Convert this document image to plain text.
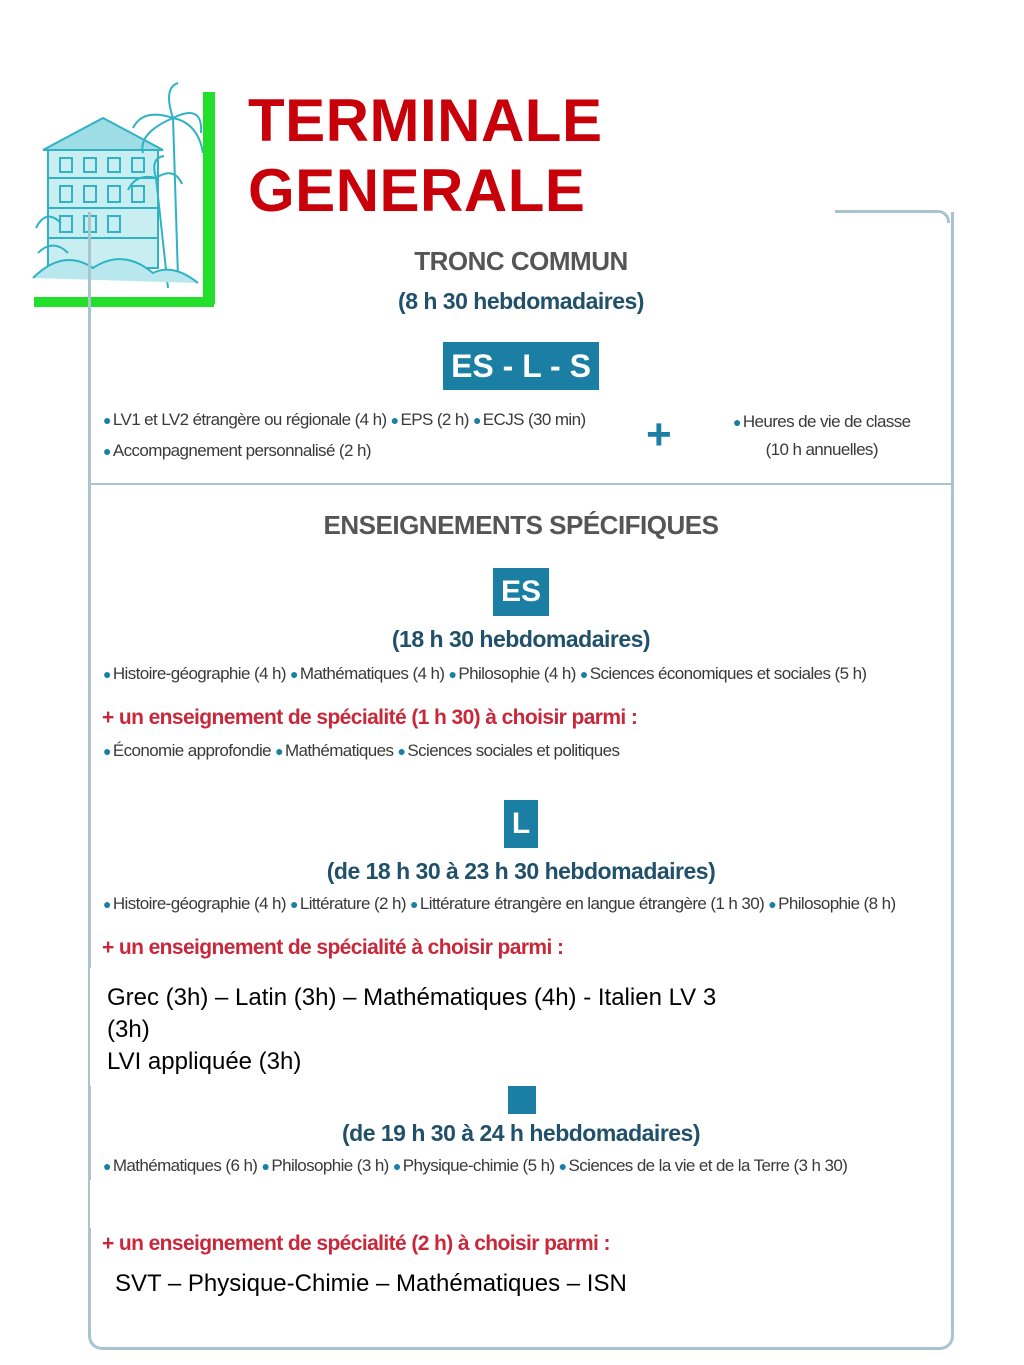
TERMINALE
GENERALE
TRONC COMMUN
(8 h 30 hebdomadaires)
ES - L - S
● LV1 et LV2 étrangère ou régionale (4 h) ● EPS (2 h) ● ECJS (30 min)
● Accompagnement personnalisé (2 h)	+	● Heures de vie de classe
(10 h annuelles)
ENSEIGNEMENTS SPÉCIFIQUES
ES
(18 h 30 hebdomadaires)
● Histoire-géographie (4 h) ● Mathématiques (4 h) ● Philosophie (4 h) ● Sciences économiques et sociales (5 h)
+ un enseignement de spécialité (1 h 30) à choisir parmi :
● Économie approfondie ● Mathématiques ● Sciences sociales et politiques
L
(de 18 h 30 à 23 h 30 hebdomadaires)
● Histoire-géographie (4 h) ● Littérature (2 h) ● Littérature étrangère en langue étrangère (1 h 30) ● Philosophie (8 h)
+ un enseignement de spécialité à choisir parmi :
Grec (3h) – Latin (3h) – Mathématiques (4h) - Italien LV 3
(3h)
LVI appliquée (3h)
(de 19 h 30 à 24 h hebdomadaires)
● Mathématiques (6 h) ● Philosophie (3 h) ● Physique-chimie (5 h) ● Sciences de la vie et de la Terre (3 h 30)
+ un enseignement de spécialité (2 h) à choisir parmi :
SVT – Physique-Chimie – Mathématiques – ISN
